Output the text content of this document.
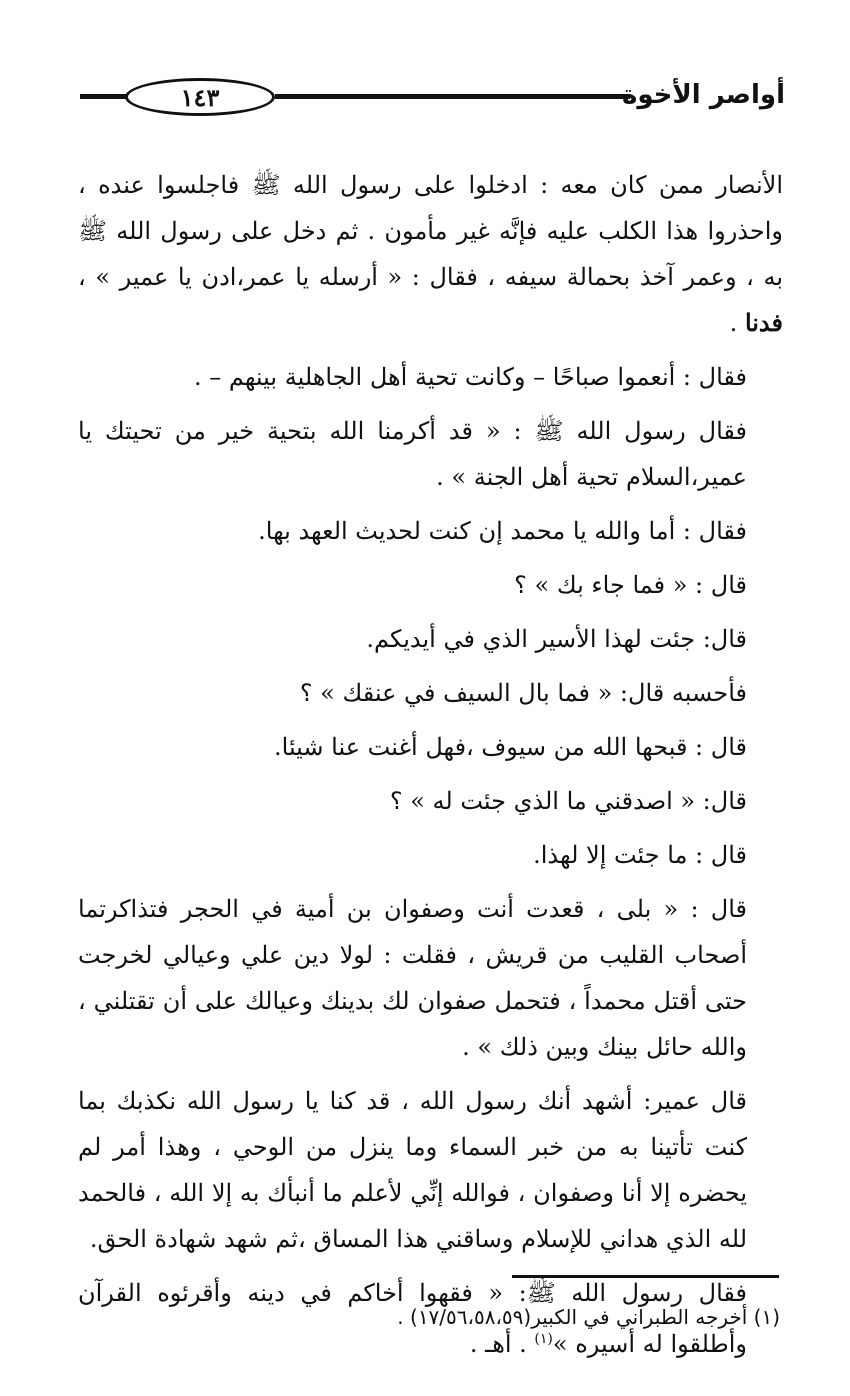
١٤٣	أواصر الأخوة

الأنصار ممن كان معه : ادخلوا على رسول الله ﷺ فاجلسوا عنده ، واحذروا هذا الكلب عليه فإنَّه غير مأمون . ثم دخل على رسول الله ﷺ به ، وعمر آخذ بحمالة سيفه ، فقال : « أرسله يا عمر،ادن يا عمير » ، فدنا .

فقال : أنعموا صباحًا – وكانت تحية أهل الجاهلية بينهم – .

فقال رسول الله ﷺ : « قد أكرمنا الله بتحية خير من تحيتك يا عمير،السلام تحية أهل الجنة » .

فقال : أما والله يا محمد إن كنت لحديث العهد بها.

قال : « فما جاء بك » ؟

قال: جئت لهذا الأسير الذي في أيديكم.

فأحسبه قال: « فما بال السيف في عنقك » ؟

قال : قبحها الله من سيوف ،فهل أغنت عنا شيئا.

قال: « اصدقني ما الذي جئت له » ؟

قال : ما جئت إلا لهذا.

قال : « بلى ، قعدت أنت وصفوان بن أمية في الحجر فتذاكرتما أصحاب القليب من قريش ، فقلت : لولا دين علي وعيالي لخرجت حتى أقتل محمداً ، فتحمل صفوان لك بدينك وعيالك على أن تقتلني ، والله حائل بينك وبين ذلك » .

قال عمير: أشهد أنك رسول الله ، قد كنا يا رسول الله نكذبك بما كنت تأتينا به من خبر السماء وما ينزل من الوحي ، وهذا أمر لم يحضره إلا أنا وصفوان ، فوالله إنِّي لأعلم ما أنبأك به إلا الله ، فالحمد لله الذي هداني للإسلام وساقني هذا المساق ،ثم شهد شهادة الحق.

فقال رسول الله ﷺ: « فقهوا أخاكم في دينه وأقرئوه القرآن وأطلقوا له أسيره »$^{(١)}$ . أهـ .

(١) أخرجه الطبراني في الكبير(١٧/٥٦،٥٨،٥٩) .
